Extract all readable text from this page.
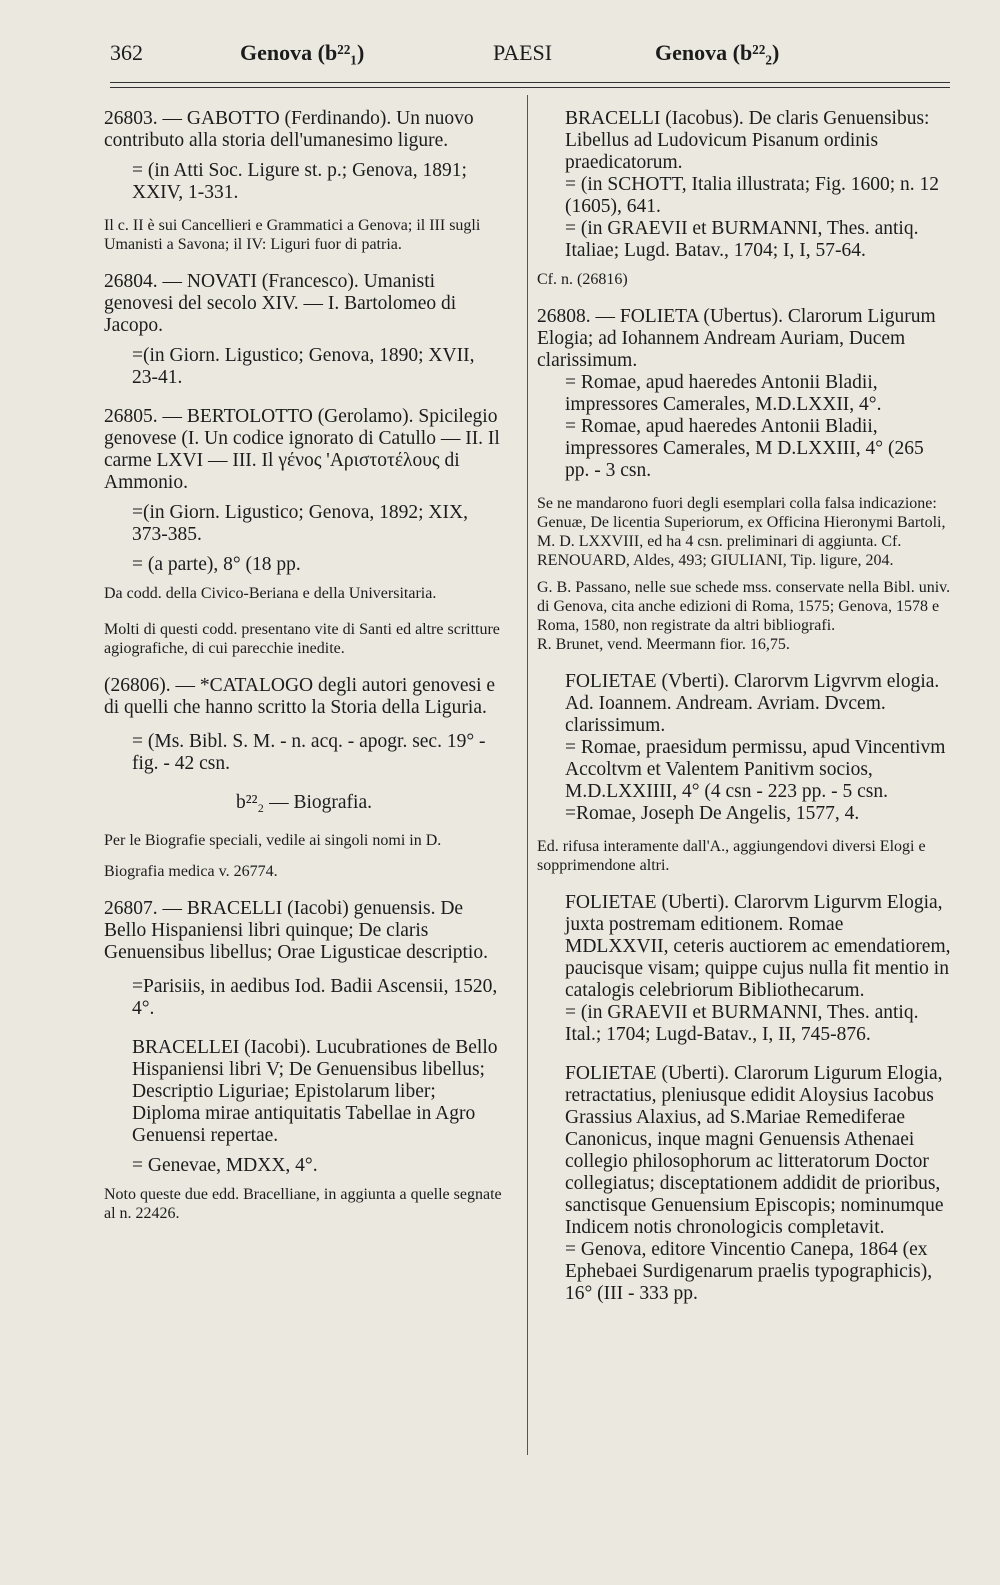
362	Genova (b²²₁)	PAESI	Genova (b²²₂)

26803. — GABOTTO (Ferdinando). Un nuovo contributo alla storia dell'umanesimo ligure.

= (in Atti Soc. Ligure st. p.; Genova, 1891; XXIV, 1-331.

Il c. II è sui Cancellieri e Grammatici a Genova; il III sugli Umanisti a Savona; il IV: Liguri fuor di patria.

26804. — NOVATI (Francesco). Umanisti genovesi del secolo XIV. — I. Bartolomeo di Jacopo.

=(in Giorn. Ligustico; Genova, 1890; XVII, 23-41.

26805. — BERTOLOTTO (Gerolamo). Spicilegio genovese (I. Un codice ignorato di Catullo — II. Il carme LXVI — III. Il γένος 'Αριστοτέλους di Ammonio.

=(in Giorn. Ligustico; Genova, 1892; XIX, 373-385.

= (a parte), 8° (18 pp.

Da codd. della Civico-Beriana e della Universitaria.

Molti di questi codd. presentano vite di Santi ed altre scritture agiografiche, di cui parecchie inedite.

(26806). — *CATALOGO degli autori genovesi e di quelli che hanno scritto la Storia della Liguria.

= (Ms. Bibl. S. M. - n. acq. - apogr. sec. 19° - fig. - 42 csn.

b²²₂ — Biografia.

Per le Biografie speciali, vedile ai singoli nomi in D.

Biografia medica v. 26774.

26807. — BRACELLI (Iacobi) genuensis. De Bello Hispaniensi libri quinque; De claris Genuensibus libellus; Orae Ligusticae descriptio.

=Parisiis, in aedibus Iod. Badii Ascensii, 1520, 4°.

BRACELLEI (Iacobi). Lucubrationes de Bello Hispaniensi libri V; De Genuensibus libellus; Descriptio Liguriae; Epistolarum liber; Diploma mirae antiquitatis Tabellae in Agro Genuensi repertae.

= Genevae, MDXX, 4°.

Noto queste due edd. Bracelliane, in aggiunta a quelle segnate al n. 22426.

BRACELLI (Iacobus). De claris Genuensibus: Libellus ad Ludovicum Pisanum ordinis praedicatorum.

= (in SCHOTT, Italia illustrata; Fig. 1600; n. 12 (1605), 641.

= (in GRAEVII et BURMANNI, Thes. antiq. Italiae; Lugd. Batav., 1704; I, I, 57-64.

Cf. n. (26816)

26808. — FOLIETA (Ubertus). Clarorum Ligurum Elogia; ad Iohannem Andream Auriam, Ducem clarissimum.

= Romae, apud haeredes Antonii Bladii, impressores Camerales, M.D.LXXII, 4°.

= Romae, apud haeredes Antonii Bladii, impressores Camerales, M D.LXXIII, 4° (265 pp. - 3 csn.

Se ne mandarono fuori degli esemplari colla falsa indicazione: Genuæ, De licentia Superiorum, ex Officina Hieronymi Bartoli, M. D. LXXVIII, ed ha 4 csn. preliminari di aggiunta. Cf. RENOUARD, Aldes, 493; GIULIANI, Tip. ligure, 204.

G. B. Passano, nelle sue schede mss. conservate nella Bibl. univ. di Genova, cita anche edizioni di Roma, 1575; Genova, 1578 e Roma, 1580, non registrate da altri bibliografi.

R. Brunet, vend. Meermann fior. 16,75.

FOLIETAE (Vberti). Clarorvm Ligvrvm elogia. Ad. Ioannem. Andream. Avriam. Dvcem. clarissimum.

= Romae, praesidum permissu, apud Vincentivm Accoltvm et Valentem Panitivm socios, M.D.LXXIIII, 4° (4 csn - 223 pp. - 5 csn.

=Romae, Joseph De Angelis, 1577, 4.

Ed. rifusa interamente dall'A., aggiungendovi diversi Elogi e sopprimendone altri.

FOLIETAE (Uberti). Clarorvm Ligurvm Elogia, juxta postremam editionem. Romae MDLXXVII, ceteris auctiorem ac emendatiorem, paucisque visam; quippe cujus nulla fit mentio in catalogis celebriorum Bibliothecarum.

= (in GRAEVII et BURMANNI, Thes. antiq. Ital.; 1704; Lugd-Batav., I, II, 745-876.

FOLIETAE (Uberti). Clarorum Ligurum Elogia, retractatius, pleniusque edidit Aloysius Iacobus Grassius Alaxius, ad S.Mariae Remediferae Canonicus, inque magni Genuensis Athenaei collegio philosophorum ac litteratorum Doctor collegiatus; disceptationem addidit de prioribus, sanctisque Genuensium Episcopis; nominumque Indicem notis chronologicis completavit.

= Genova, editore Vincentio Canepa, 1864 (ex Ephebaei Surdigenarum praelis typographicis), 16° (III - 333 pp.
